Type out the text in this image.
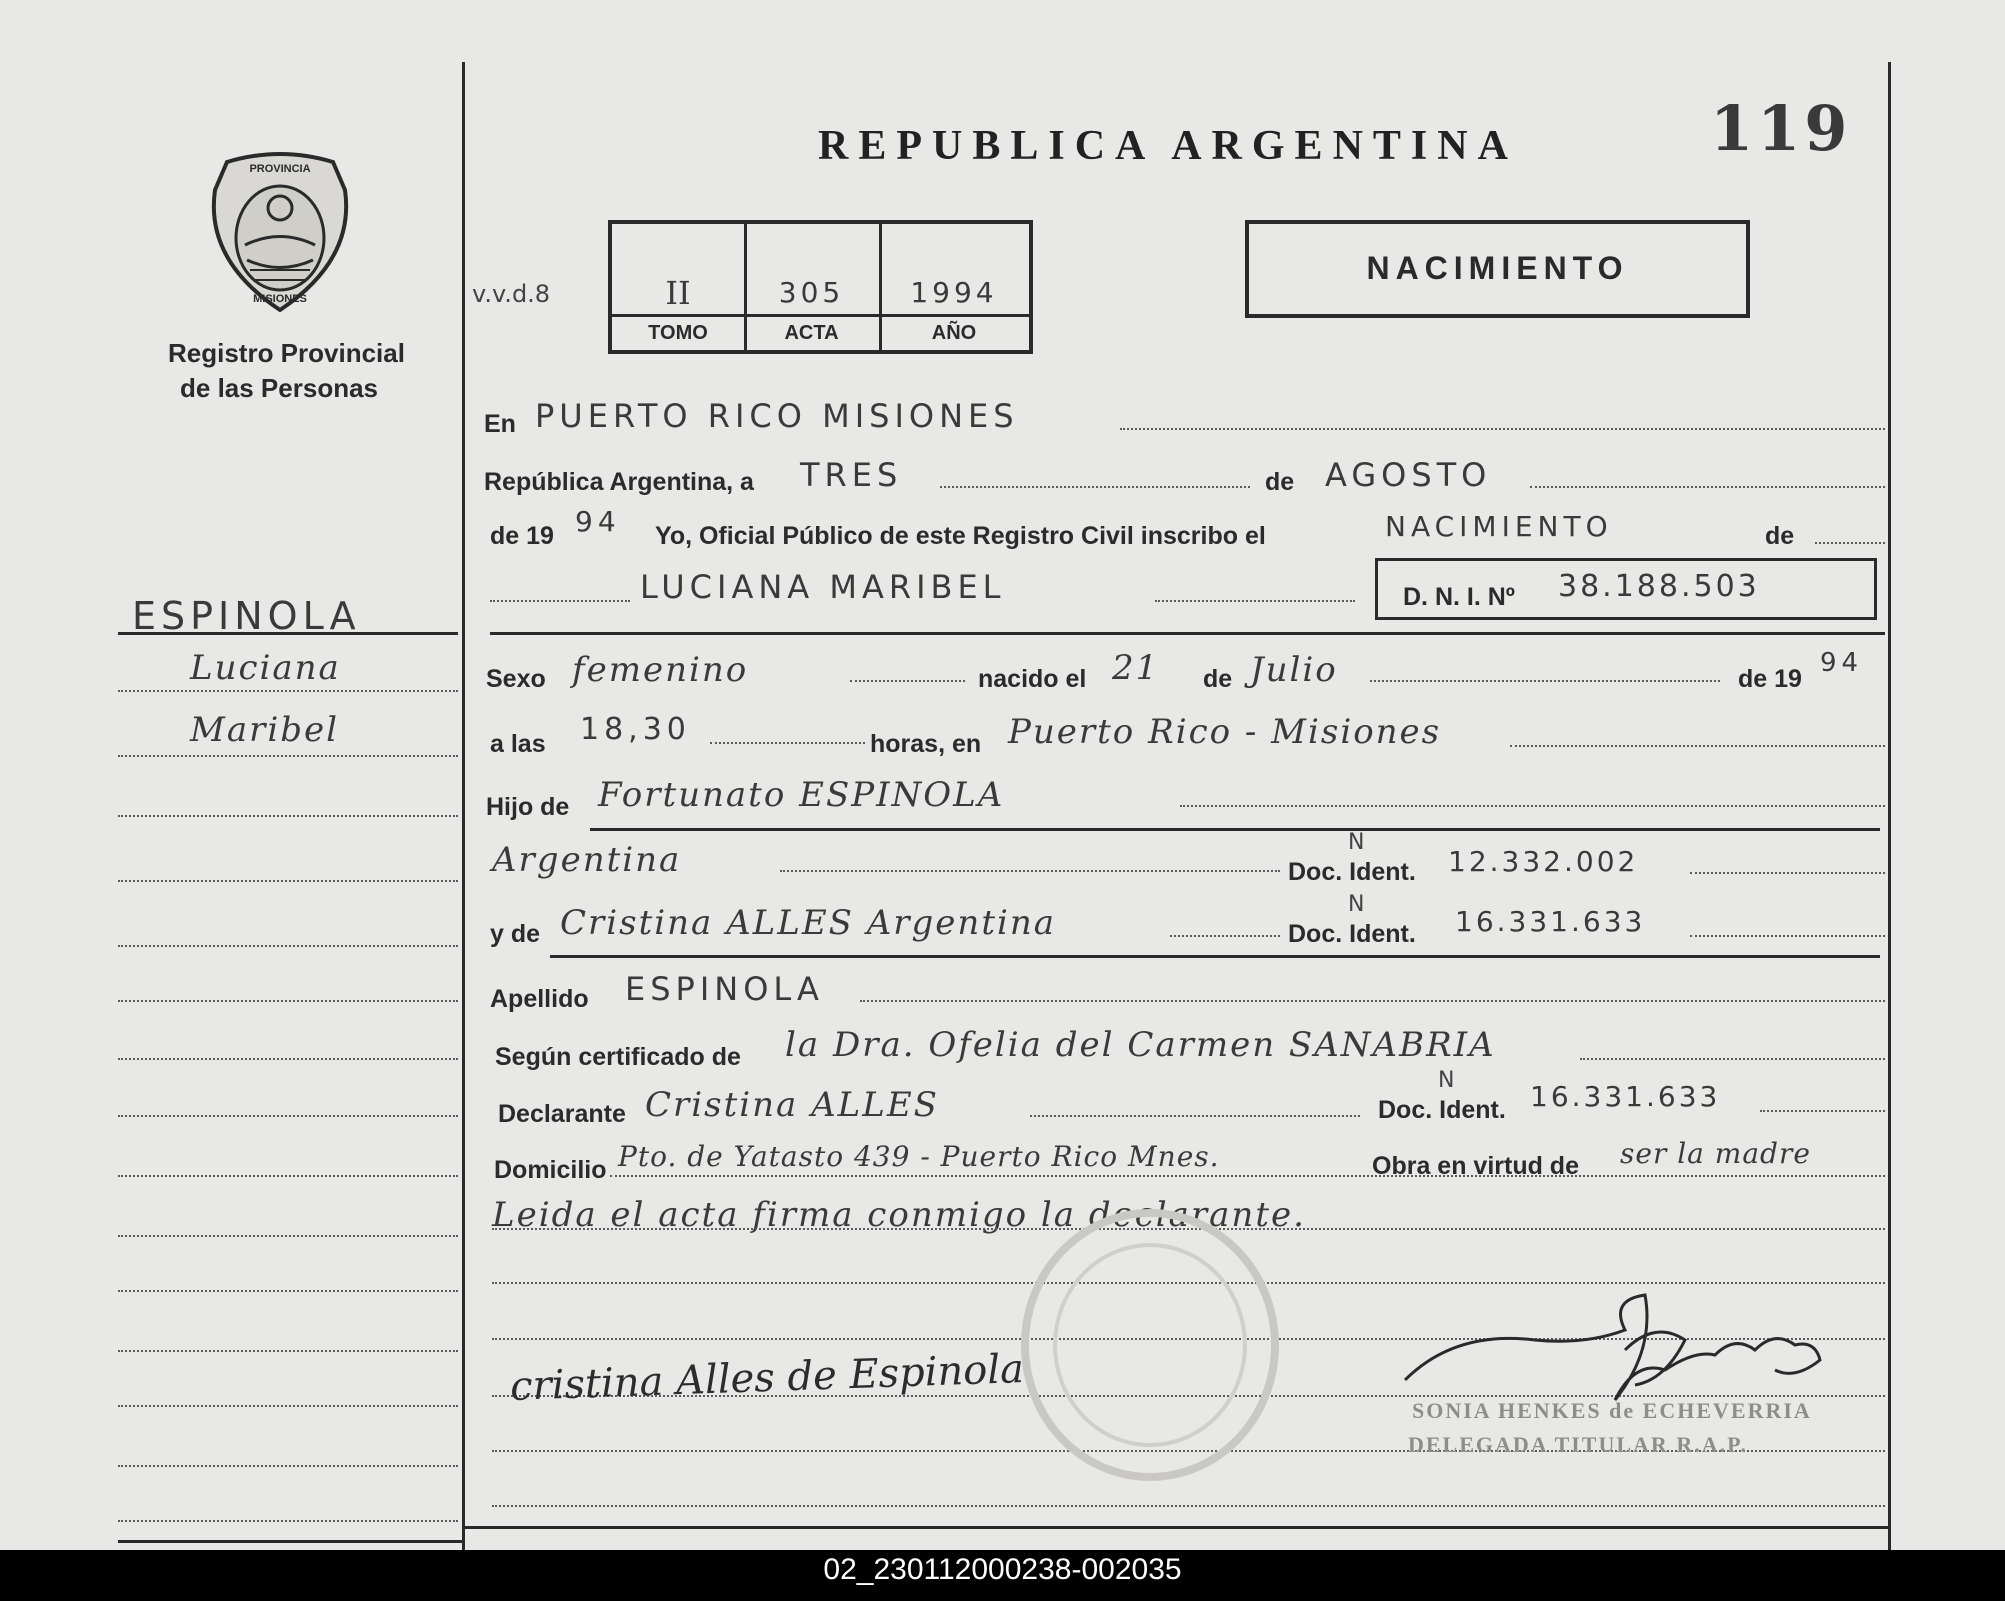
PROVINCIA
MISIONES
Registro Provincial
de las Personas
REPUBLICA ARGENTINA	119
NACIMIENTO
v.v.d.8	II	305	1994
TOMO	ACTA	AÑO
ESPINOLA
Luciana
Maribel
En PUERTO RICO MISIONES
República Argentina, a TRES	de AGOSTO
de 19 94 Yo, Oficial Público de este Registro Civil inscribo el	NACIMIENTO	de
LUCIANA MARIBEL	D. N. I. Nº 38.188.503
Sexo femenino	nacido el 21 de Julio	de 19
94
a las 18,30	horas, en Puerto Rico - Misiones
Hijo de Fortunato ESPINOLA
Argentina	Doc. Ident.
N
12.332.002
y de Cristina ALLES Argentina	Doc. Ident.
N
16.331.633
Apellido ESPINOLA
Según certificado de la Dra. Ofelia del Carmen SANABRIA
Declarante Cristina ALLES	Doc. Ident.
N	16.331.633
Domicilio Pto. de Yatasto 439 - Puerto Rico Mnes.	Obra en virtud de ser la madre
Leida el acta firma conmigo la declarante.
cristina Alles de Espinola
SONIA HENKES de ECHEVERRIA
DELEGADA TITULAR R.A.P.
02_230112000238-002035
